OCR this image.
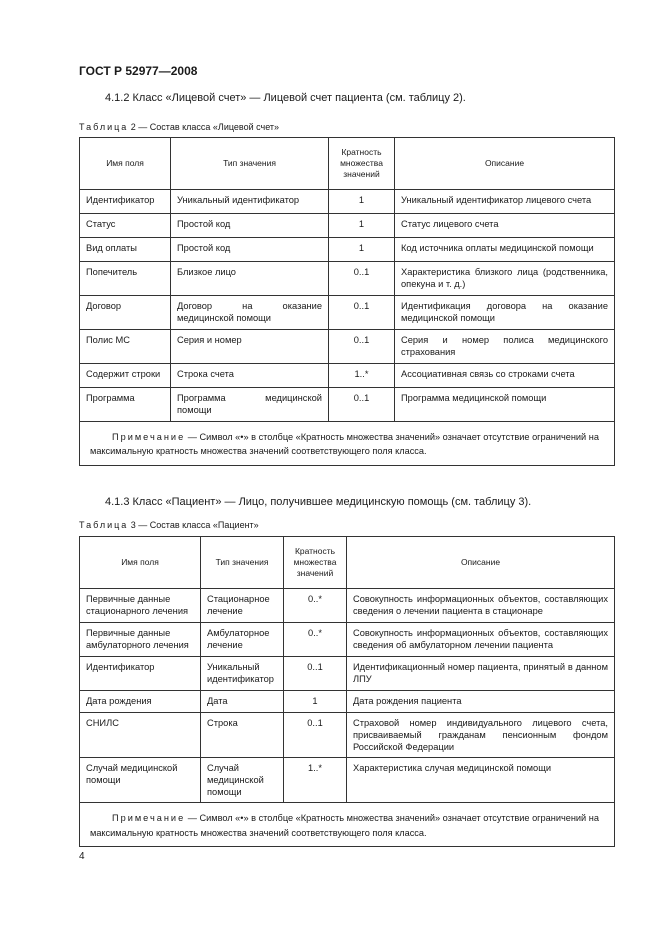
ГОСТ Р 52977—2008
4.1.2 Класс «Лицевой счет» — Лицевой счет пациента (см. таблицу 2).
Таблица 2 — Состав класса «Лицевой счет»
Имя поля	Тип значения	Кратность множества значений	Описание
Идентификатор	Уникальный идентификатор	1	Уникальный идентификатор лицевого счета
Статус	Простой код	1	Статус лицевого счета
Вид оплаты	Простой код	1	Код источника оплаты медицинской помощи
Попечитель	Близкое лицо	0..1	Характеристика близкого лица (родственника, опекуна и т. д.)
Договор	Договор на оказание медицинской помощи	0..1	Идентификация договора на оказание медицинской помощи
Полис МС	Серия и номер	0..1	Серия и номер полиса медицинского страхования
Содержит строки	Строка счета	1..*	Ассоциативная связь со строками счета
Программа	Программа медицинской помощи	0..1	Программа медицинской помощи
Примечание — Символ «•» в столбце «Кратность множества значений» означает отсутствие ограничений на максимальную кратность множества значений соответствующего поля класса.			
4.1.3 Класс «Пациент» — Лицо, получившее медицинскую помощь (см. таблицу 3).
Таблица 3 — Состав класса «Пациент»
Имя поля	Тип значения	Кратность множества значений	Описание
Первичные данные стационарного лечения	Стационарное лечение	0..*	Совокупность информационных объектов, составляющих сведения о лечении пациента в стационаре
Первичные данные амбулаторного лечения	Амбулаторное лечение	0..*	Совокупность информационных объектов, составляющих сведения об амбулаторном лечении пациента
Идентификатор	Уникальный идентификатор	0..1	Идентификационный номер пациента, принятый в данном ЛПУ
Дата рождения	Дата	1	Дата рождения пациента
СНИЛС	Строка	0..1	Страховой номер индивидуального лицевого счета, присваиваемый гражданам пенсионным фондом Российской Федерации
Случай медицинской помощи	Случай медицинской помощи	1..*	Характеристика случая медицинской помощи
Примечание — Символ «•» в столбце «Кратность множества значений» означает отсутствие ограничений на максимальную кратность множества значений соответствующего поля класса.			
4
